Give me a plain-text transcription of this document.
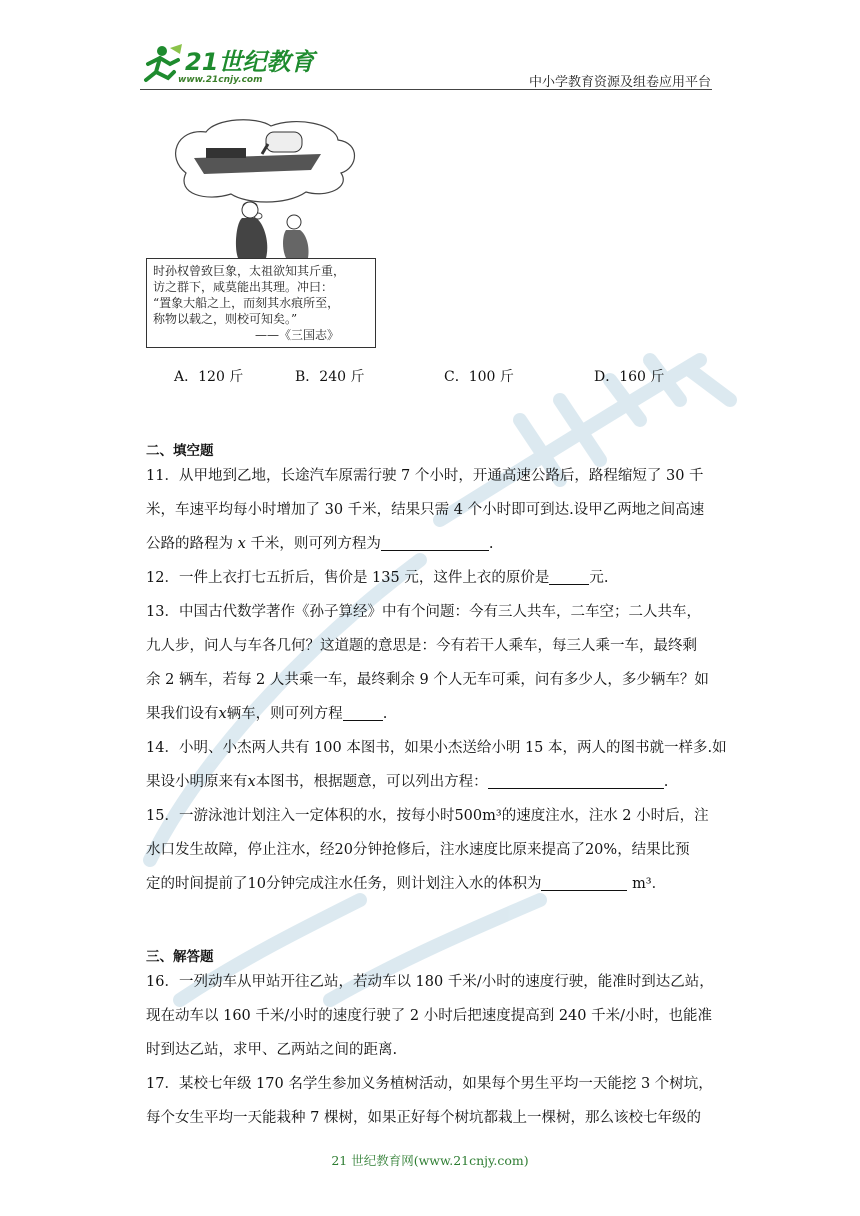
21世纪教育
www.21cnjy.com	中小学教育资源及组卷应用平台
时孙权曾致巨象，太祖欲知其斤重，
访之群下，咸莫能出其理。冲曰：
“置象大船之上，而刻其水痕所至，
称物以载之，则校可知矣。”
——《三国志》
A．120 斤	B．240 斤	C．100 斤	D．160 斤
二、填空题
11．从甲地到乙地，长途汽车原需行驶 7 个小时，开通高速公路后，路程缩短了 30 千
米，车速平均每小时增加了 30 千米，结果只需 4 个小时即可到达.设甲乙两地之间高速
公路的路程为 x 千米，则可列方程为	.
12．一件上衣打七五折后，售价是 135 元，这件上衣的原价是	元.
13．中国古代数学著作《孙子算经》中有个问题：今有三人共车，二车空；二人共车，
九人步，问人与车各几何？这道题的意思是：今有若干人乘车，每三人乘一车，最终剩
余 2 辆车，若每 2 人共乘一车，最终剩余 9 个人无车可乘，问有多少人，多少辆车？如
果我们设有x辆车，则可列方程	.
14．小明、小杰两人共有 100 本图书，如果小杰送给小明 15 本，两人的图书就一样多.如
果设小明原来有x本图书，根据题意，可以列出方程：	.
15．一游泳池计划注入一定体积的水，按每小时500m³的速度注水，注水 2 小时后，注
水口发生故障，停止注水，经20分钟抢修后，注水速度比原来提高了20%，结果比预
定的时间提前了10分钟完成注水任务，则计划注入水的体积为	m³．
三、解答题
16．一列动车从甲站开往乙站，若动车以 180 千米/小时的速度行驶，能准时到达乙站，
现在动车以 160 千米/小时的速度行驶了 2 小时后把速度提高到 240 千米/小时，也能准
时到达乙站，求甲、乙两站之间的距离.
17．某校七年级 170 名学生参加义务植树活动，如果每个男生平均一天能挖 3 个树坑，
每个女生平均一天能栽种 7 棵树，如果正好每个树坑都栽上一棵树，那么该校七年级的
21 世纪教育网(www.21cnjy.com)
